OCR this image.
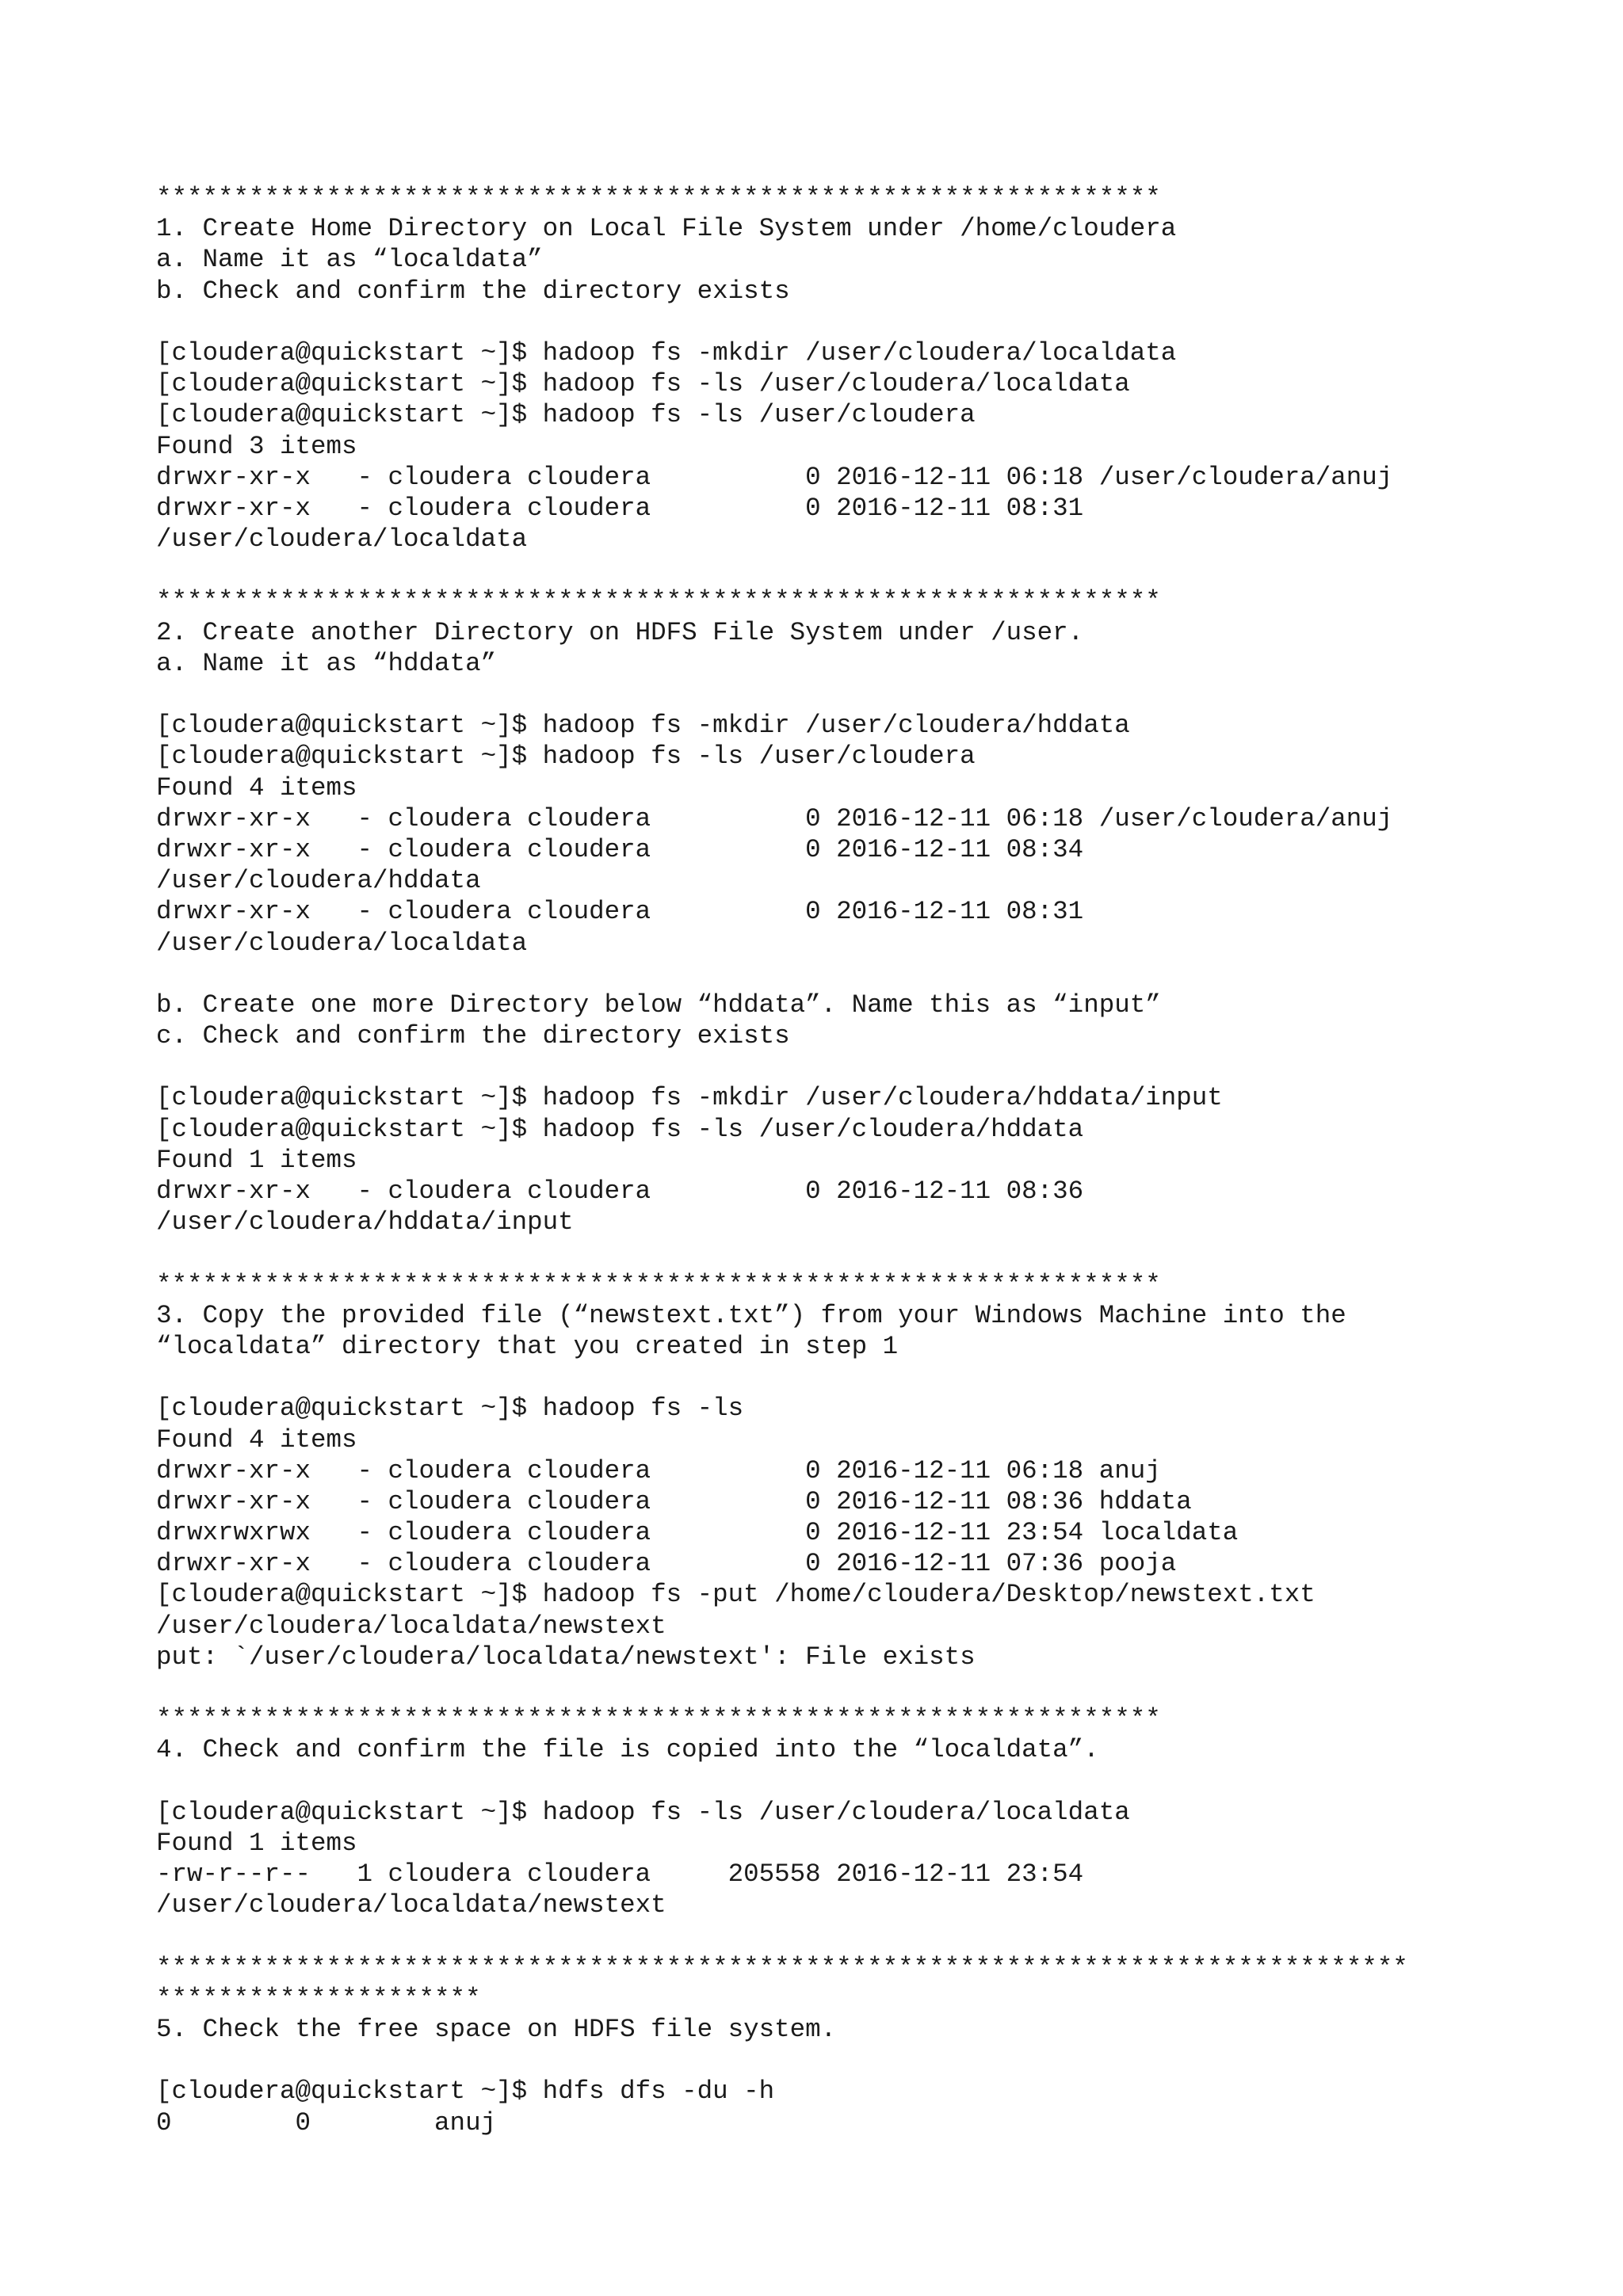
*****************************************************************
1. Create Home Directory on Local File System under /home/cloudera
a. Name it as “localdata”
b. Check and confirm the directory exists
[cloudera@quickstart ~]$ hadoop fs -mkdir /user/cloudera/localdata
[cloudera@quickstart ~]$ hadoop fs -ls /user/cloudera/localdata
[cloudera@quickstart ~]$ hadoop fs -ls /user/cloudera
Found 3 items
drwxr-xr-x   - cloudera cloudera          0 2016-12-11 06:18 /user/cloudera/anuj
drwxr-xr-x   - cloudera cloudera          0 2016-12-11 08:31
/user/cloudera/localdata
*****************************************************************
2. Create another Directory on HDFS File System under /user.
a. Name it as “hddata”
[cloudera@quickstart ~]$ hadoop fs -mkdir /user/cloudera/hddata
[cloudera@quickstart ~]$ hadoop fs -ls /user/cloudera
Found 4 items
drwxr-xr-x   - cloudera cloudera          0 2016-12-11 06:18 /user/cloudera/anuj
drwxr-xr-x   - cloudera cloudera          0 2016-12-11 08:34
/user/cloudera/hddata
drwxr-xr-x   - cloudera cloudera          0 2016-12-11 08:31
/user/cloudera/localdata
b. Create one more Directory below “hddata”. Name this as “input”
c. Check and confirm the directory exists
[cloudera@quickstart ~]$ hadoop fs -mkdir /user/cloudera/hddata/input
[cloudera@quickstart ~]$ hadoop fs -ls /user/cloudera/hddata
Found 1 items
drwxr-xr-x   - cloudera cloudera          0 2016-12-11 08:36
/user/cloudera/hddata/input
*****************************************************************
3. Copy the provided file (“newstext.txt”) from your Windows Machine into the
“localdata” directory that you created in step 1
[cloudera@quickstart ~]$ hadoop fs -ls
Found 4 items
drwxr-xr-x   - cloudera cloudera          0 2016-12-11 06:18 anuj
drwxr-xr-x   - cloudera cloudera          0 2016-12-11 08:36 hddata
drwxrwxrwx   - cloudera cloudera          0 2016-12-11 23:54 localdata
drwxr-xr-x   - cloudera cloudera          0 2016-12-11 07:36 pooja
[cloudera@quickstart ~]$ hadoop fs -put /home/cloudera/Desktop/newstext.txt
/user/cloudera/localdata/newstext
put: `/user/cloudera/localdata/newstext': File exists
*****************************************************************
4. Check and confirm the file is copied into the “localdata”.
[cloudera@quickstart ~]$ hadoop fs -ls /user/cloudera/localdata
Found 1 items
-rw-r--r--   1 cloudera cloudera     205558 2016-12-11 23:54
/user/cloudera/localdata/newstext
*********************************************************************************
*********************
5. Check the free space on HDFS file system.
[cloudera@quickstart ~]$ hdfs dfs -du -h
0        0        anuj
